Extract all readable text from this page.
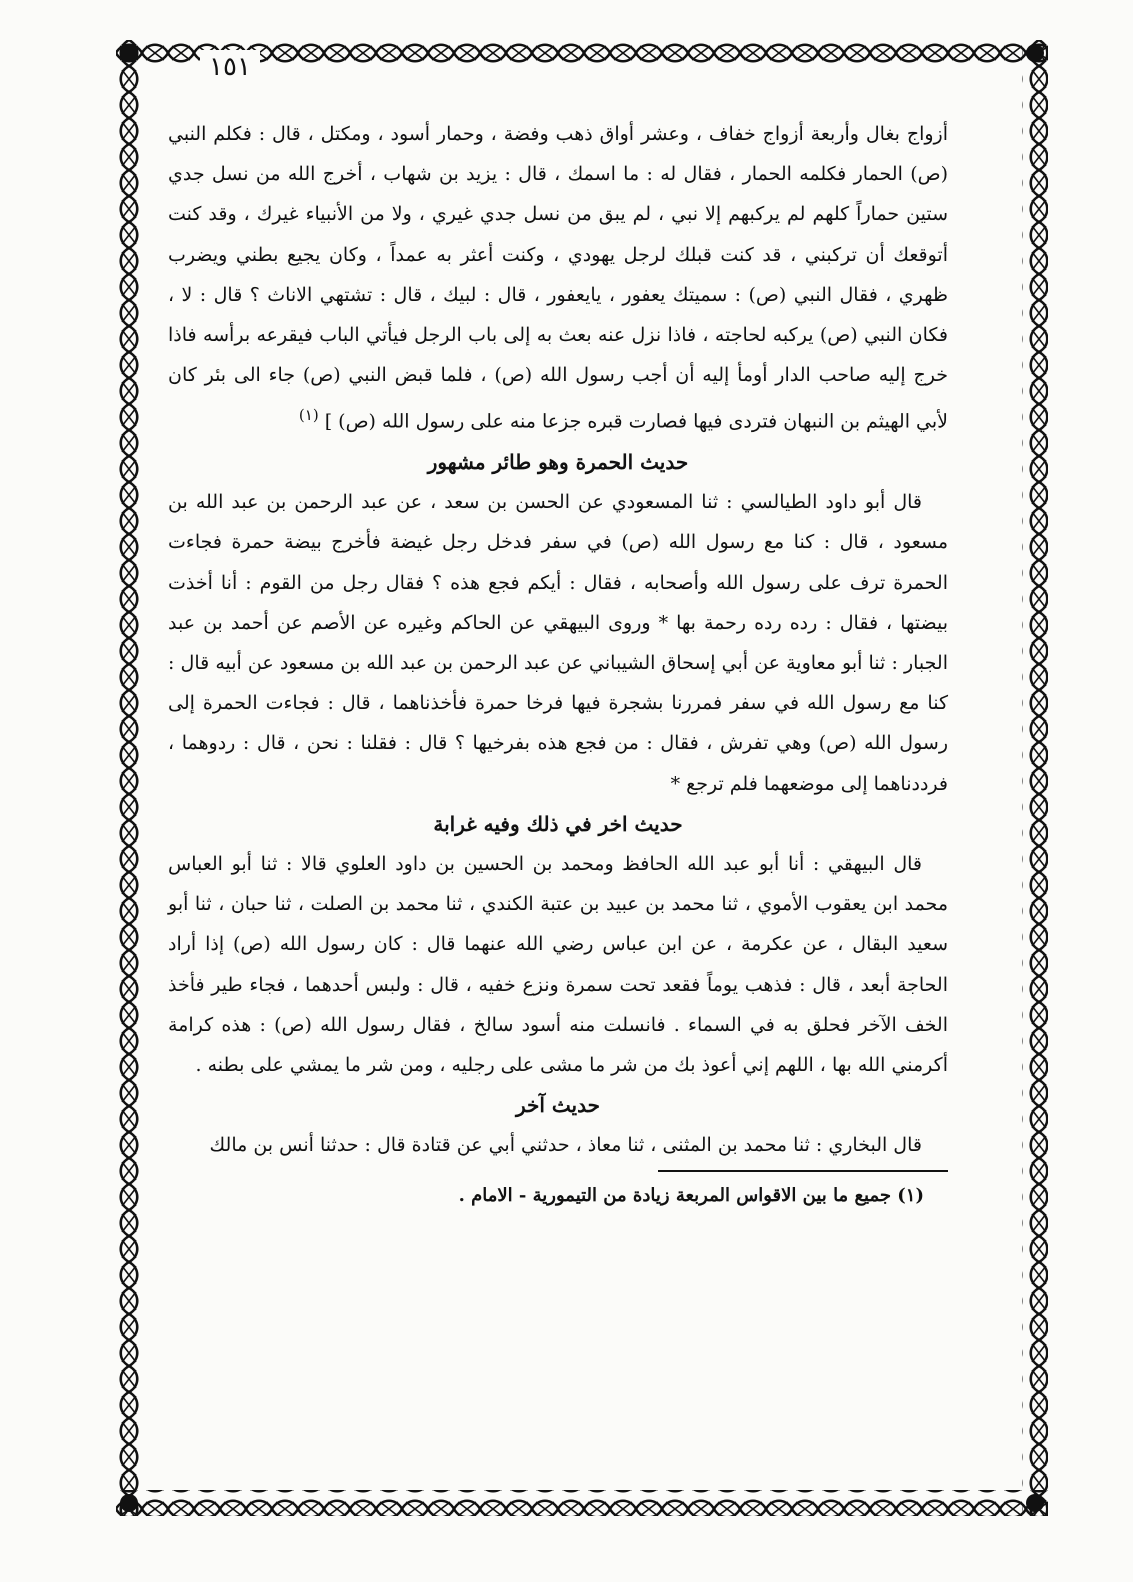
١٥١

أزواج بغال وأربعة أزواج خفاف ، وعشر أواق ذهب وفضة ، وحمار أسود ، ومكتل ، قال : فكلم النبي (ص) الحمار فكلمه الحمار ، فقال له : ما اسمك ، قال : يزيد بن شهاب ، أخرج الله من نسل جدي ستين حماراً كلهم لم يركبهم إلا نبي ، لم يبق من نسل جدي غيري ، ولا من الأنبياء غيرك ، وقد كنت أتوقعك أن تركبني ، قد كنت قبلك لرجل يهودي ، وكنت أعثر به عمداً ، وكان يجيع بطني ويضرب ظهري ، فقال النبي (ص) : سميتك يعفور ، يايعفور ، قال : لبيك ، قال : تشتهي الاناث ؟ قال : لا ، فكان النبي (ص) يركبه لحاجته ، فاذا نزل عنه بعث به إلى باب الرجل فيأتي الباب فيقرعه برأسه فاذا خرج إليه صاحب الدار أومأ إليه أن أجب رسول الله (ص) ، فلما قبض النبي (ص) جاء الى بئر كان لأبي الهيثم بن النبهان فتردى فيها فصارت قبره جزعا منه على رسول الله (ص) ] $^{(١)}$

حديث الحمرة وهو طائر مشهور

قال أبو داود الطيالسي : ثنا المسعودي عن الحسن بن سعد ، عن عبد الرحمن بن عبد الله بن مسعود ، قال : كنا مع رسول الله (ص) في سفر فدخل رجل غيضة فأخرج بيضة حمرة فجاءت الحمرة ترف على رسول الله وأصحابه ، فقال : أيكم فجع هذه ؟ فقال رجل من القوم : أنا أخذت بيضتها ، فقال : رده رده رحمة بها * وروى البيهقي عن الحاكم وغيره عن الأصم عن أحمد بن عبد الجبار : ثنا أبو معاوية عن أبي إسحاق الشيباني عن عبد الرحمن بن عبد الله بن مسعود عن أبيه قال : كنا مع رسول الله في سفر فمررنا بشجرة فيها فرخا حمرة فأخذناهما ، قال : فجاءت الحمرة إلى رسول الله (ص) وهي تفرش ، فقال : من فجع هذه بفرخيها ؟ قال : فقلنا : نحن ، قال : ردوهما ، فرددناهما إلى موضعهما فلم ترجع *

حديث اخر في ذلك وفيه غرابة

قال البيهقي : أنا أبو عبد الله الحافظ ومحمد بن الحسين بن داود العلوي قالا : ثنا أبو العباس محمد ابن يعقوب الأموي ، ثنا محمد بن عبيد بن عتبة الكندي ، ثنا محمد بن الصلت ، ثنا حبان ، ثنا أبو سعيد البقال ، عن عكرمة ، عن ابن عباس رضي الله عنهما قال : كان رسول الله (ص) إذا أراد الحاجة أبعد ، قال : فذهب يوماً فقعد تحت سمرة ونزع خفيه ، قال : ولبس أحدهما ، فجاء طير فأخذ الخف الآخر فحلق به في السماء . فانسلت منه أسود سالخ ، فقال رسول الله (ص) : هذه كرامة أكرمني الله بها ، اللهم إني أعوذ بك من شر ما مشى على رجليه ، ومن شر ما يمشي على بطنه .

حديث آخر

قال البخاري : ثنا محمد بن المثنى ، ثنا معاذ ، حدثني أبي عن قتادة قال : حدثنا أنس بن مالك

(١) جميع ما بين الاقواس المربعة زيادة من التيمورية - الامام .
